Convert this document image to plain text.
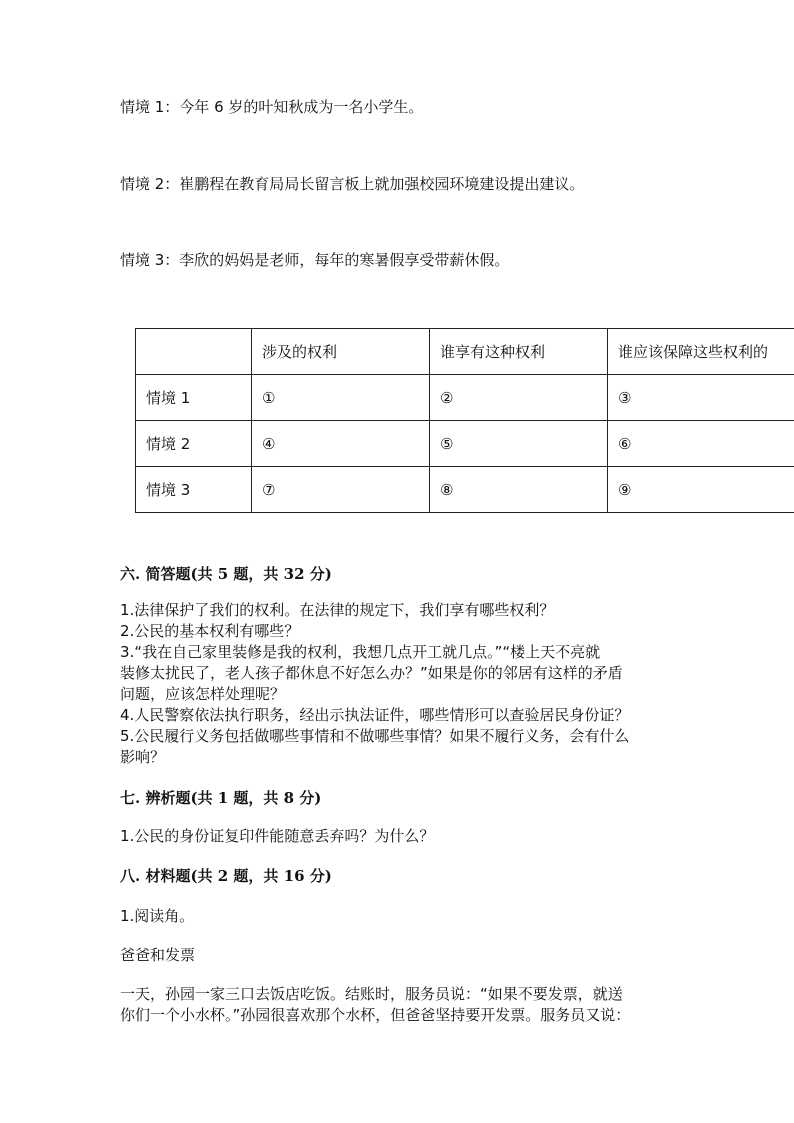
情境 1：今年 6 岁的叶知秋成为一名小学生。
情境 2：崔鹏程在教育局局长留言板上就加强校园环境建设提出建议。
情境 3：李欣的妈妈是老师，每年的寒暑假享受带薪休假。
	涉及的权利	谁享有这种权利	谁应该保障这些权利的
情境 1	①	②	③
情境 2	④	⑤	⑥
情境 3	⑦	⑧	⑨
六. 简答题(共 5 题，共 32 分)
1.法律保护了我们的权利。在法律的规定下，我们享有哪些权利？
2.公民的基本权利有哪些？
3.“我在自己家里装修是我的权利，我想几点开工就几点。”“楼上天不亮就
装修太扰民了，老人孩子都休息不好怎么办？”如果是你的邻居有这样的矛盾
问题，应该怎样处理呢？
4.人民警察依法执行职务，经出示执法证件，哪些情形可以查验居民身份证？
5.公民履行义务包括做哪些事情和不做哪些事情？如果不履行义务，会有什么
影响？
七. 辨析题(共 1 题，共 8 分)
1.公民的身份证复印件能随意丢弃吗？为什么？
八. 材料题(共 2 题，共 16 分)
1.阅读角。
爸爸和发票
一天，孙园一家三口去饭店吃饭。结账时，服务员说：“如果不要发票，就送
你们一个小水杯。”孙园很喜欢那个水杯，但爸爸坚持要开发票。服务员又说：
